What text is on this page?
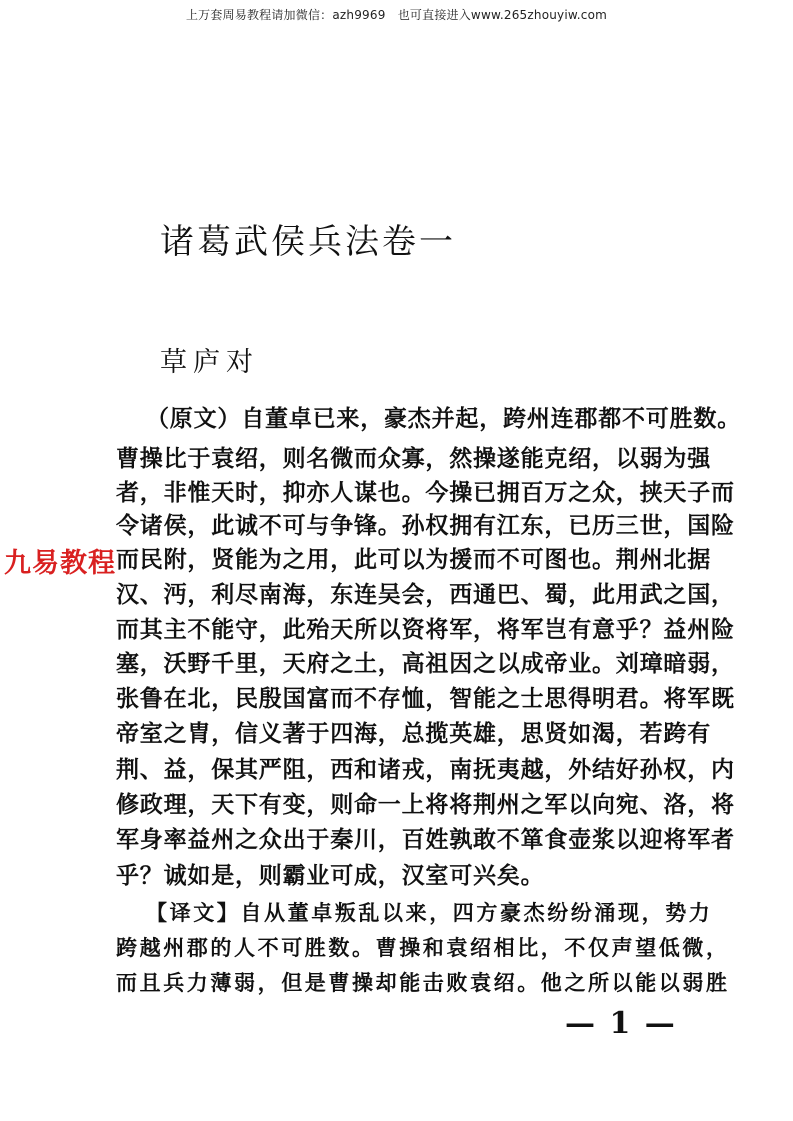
上万套周易教程请加微信：azh9969　也可直接进入www.265zhouyiw.com
诸葛武侯兵法卷一
草庐对
（原文）自董卓已来，豪杰并起，跨州连郡都不可胜数。
曹操比于袁绍，则名微而众寡，然操遂能克绍，以弱为强
者，非惟天时，抑亦人谋也。今操已拥百万之众，挟天子而
令诸侯，此诚不可与争锋。孙权拥有江东，已历三世，国险
而民附，贤能为之用，此可以为援而不可图也。荆州北据
汉、沔，利尽南海，东连吴会，西通巴、蜀，此用武之国，
而其主不能守，此殆天所以资将军，将军岂有意乎？益州险
塞，沃野千里，天府之土，高祖因之以成帝业。刘璋暗弱，
张鲁在北，民殷国富而不存恤，智能之士思得明君。将军既
帝室之胄，信义著于四海，总揽英雄，思贤如渴，若跨有
荆、益，保其严阻，西和诸戎，南抚夷越，外结好孙权，内
修政理，天下有变，则命一上将将荆州之军以向宛、洛，将
军身率益州之众出于秦川，百姓孰敢不箪食壶浆以迎将军者
乎？诚如是，则霸业可成，汉室可兴矣。
【译文】自从董卓叛乱以来，四方豪杰纷纷涌现，势力
跨越州郡的人不可胜数。曹操和袁绍相比，不仅声望低微，
而且兵力薄弱，但是曹操却能击败袁绍。他之所以能以弱胜
九易教程
— 1 —
